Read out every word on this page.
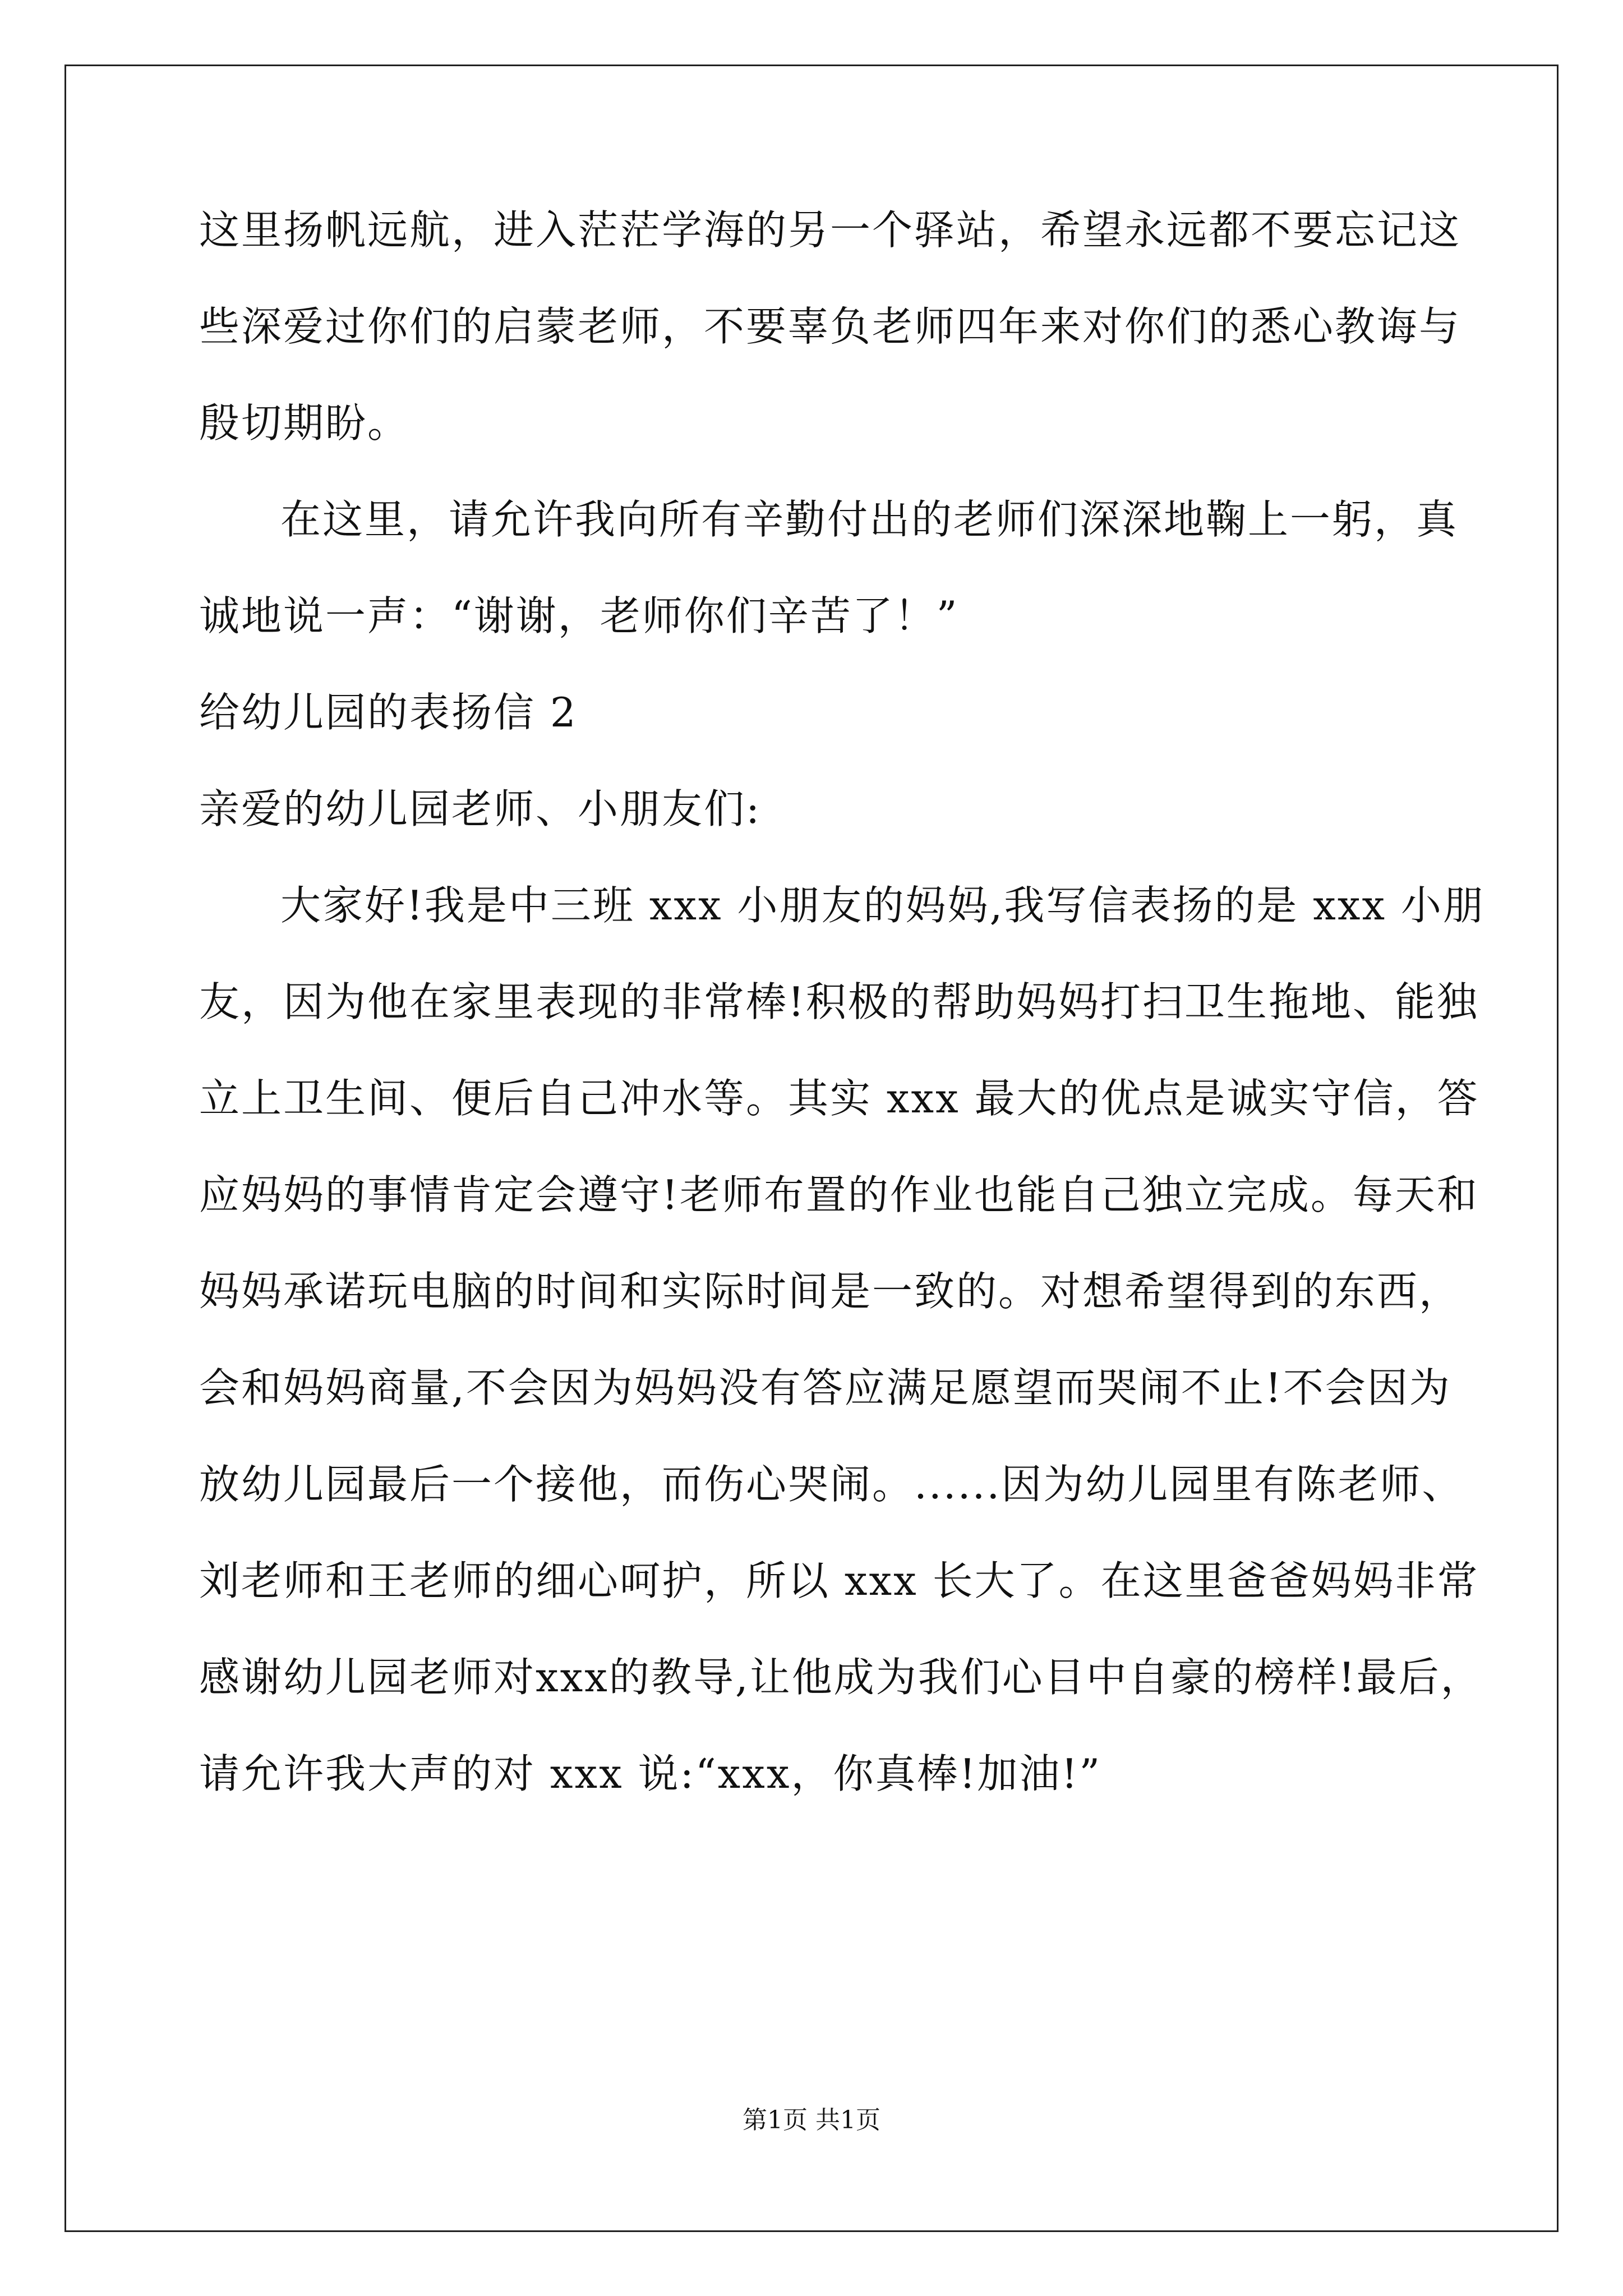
这里扬帆远航，进入茫茫学海的另一个驿站，希望永远都不要忘记这
些深爱过你们的启蒙老师，不要辜负老师四年来对你们的悉心教诲与
殷切期盼。
在这里，请允许我向所有辛勤付出的老师们深深地鞠上一躬，真
诚地说一声：“谢谢，老师你们辛苦了！”
给幼儿园的表扬信 2
亲爱的幼儿园老师、小朋友们:
大家好!我是中三班 xxx 小朋友的妈妈,我写信表扬的是 xxx 小朋
友，因为他在家里表现的非常棒!积极的帮助妈妈打扫卫生拖地、能独
立上卫生间、便后自己冲水等。其实 xxx 最大的优点是诚实守信，答
应妈妈的事情肯定会遵守!老师布置的作业也能自己独立完成。每天和
妈妈承诺玩电脑的时间和实际时间是一致的。对想希望得到的东西，
会和妈妈商量,不会因为妈妈没有答应满足愿望而哭闹不止!不会因为
放幼儿园最后一个接他，而伤心哭闹。......因为幼儿园里有陈老师、
刘老师和王老师的细心呵护，所以 xxx 长大了。在这里爸爸妈妈非常
感谢幼儿园老师对xxx的教导,让他成为我们心目中自豪的榜样!最后，
请允许我大声的对 xxx 说:“xxx，你真棒!加油!”
第1页 共1页
